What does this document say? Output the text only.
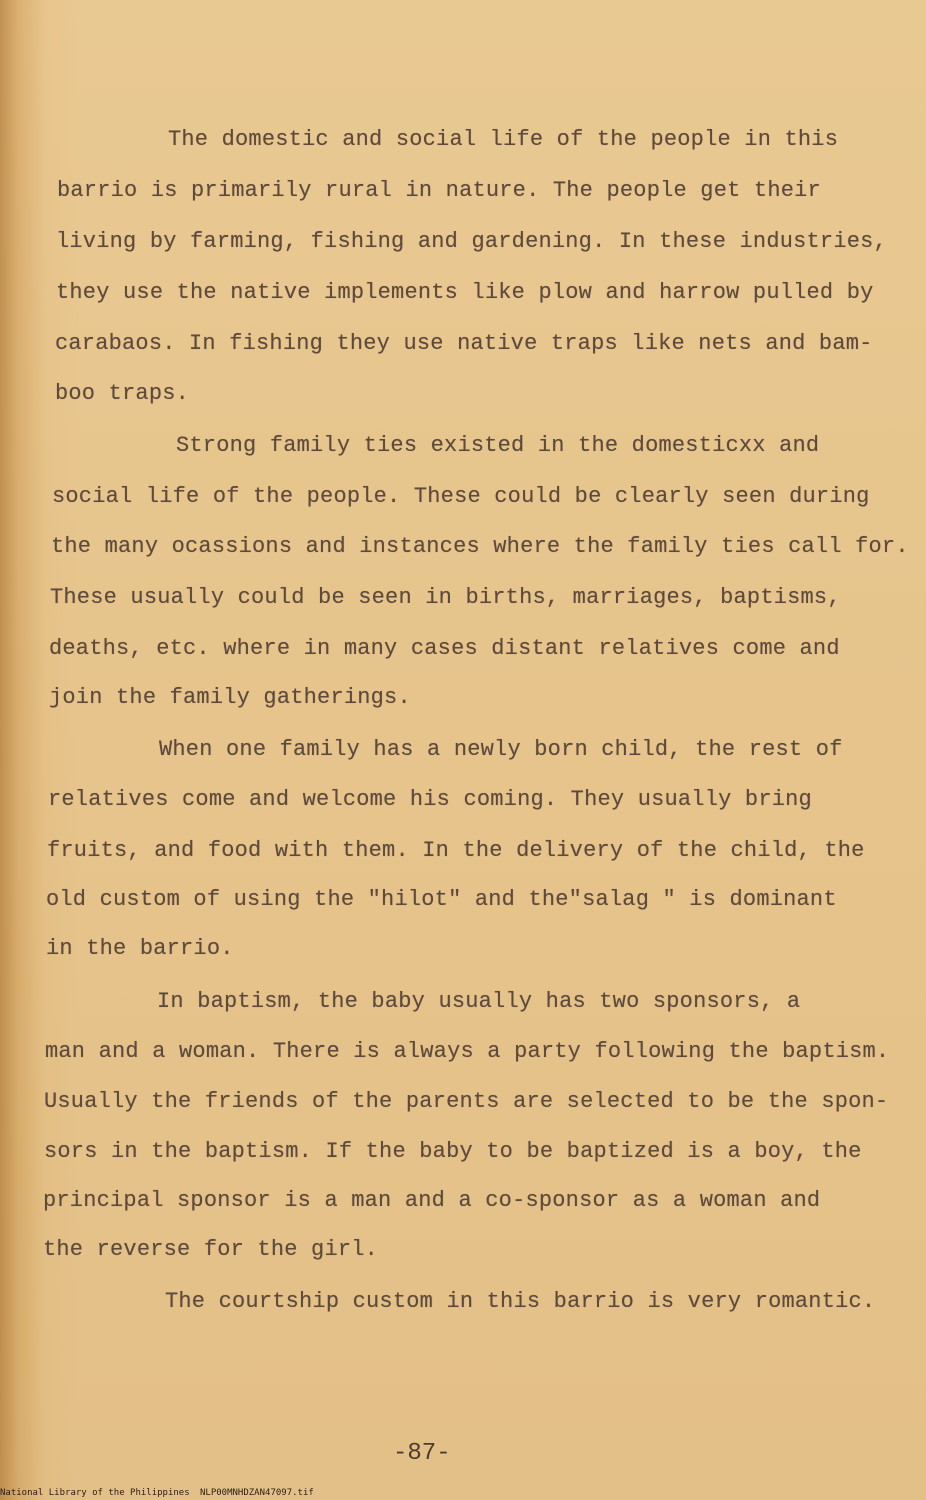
The domestic and social life of the people in this
barrio is primarily rural in nature. The people get their
living by farming, fishing and gardening. In these industries,
they use the native implements like plow and harrow pulled by
carabaos. In fishing they use native traps like nets and bam-
boo traps.
Strong family ties existed in the domesticxx and
social life of the people. These could be clearly seen during
the many ocassions and instances where the family ties call for.
These usually could be seen in births, marriages, baptisms,
deaths, etc. where in many cases distant relatives come and
join the family gatherings.
When one family has a newly born child, the rest of
relatives come and welcome his coming. They usually bring
fruits, and food with them. In the delivery of the child, the
old custom of using the "hilot" and the"salag " is dominant
in the barrio.
In baptism, the baby usually has two sponsors, a
man and a woman. There is always a party following the baptism.
Usually the friends of the parents are selected to be the spon-
sors in the baptism. If the baby to be baptized is a boy, the
principal sponsor is a man and a co-sponsor as a woman and
the reverse for the girl.
The courtship custom in this barrio is very romantic.
-87-
National Library of the Philippines NLP00MNHDZAN47097.tif
